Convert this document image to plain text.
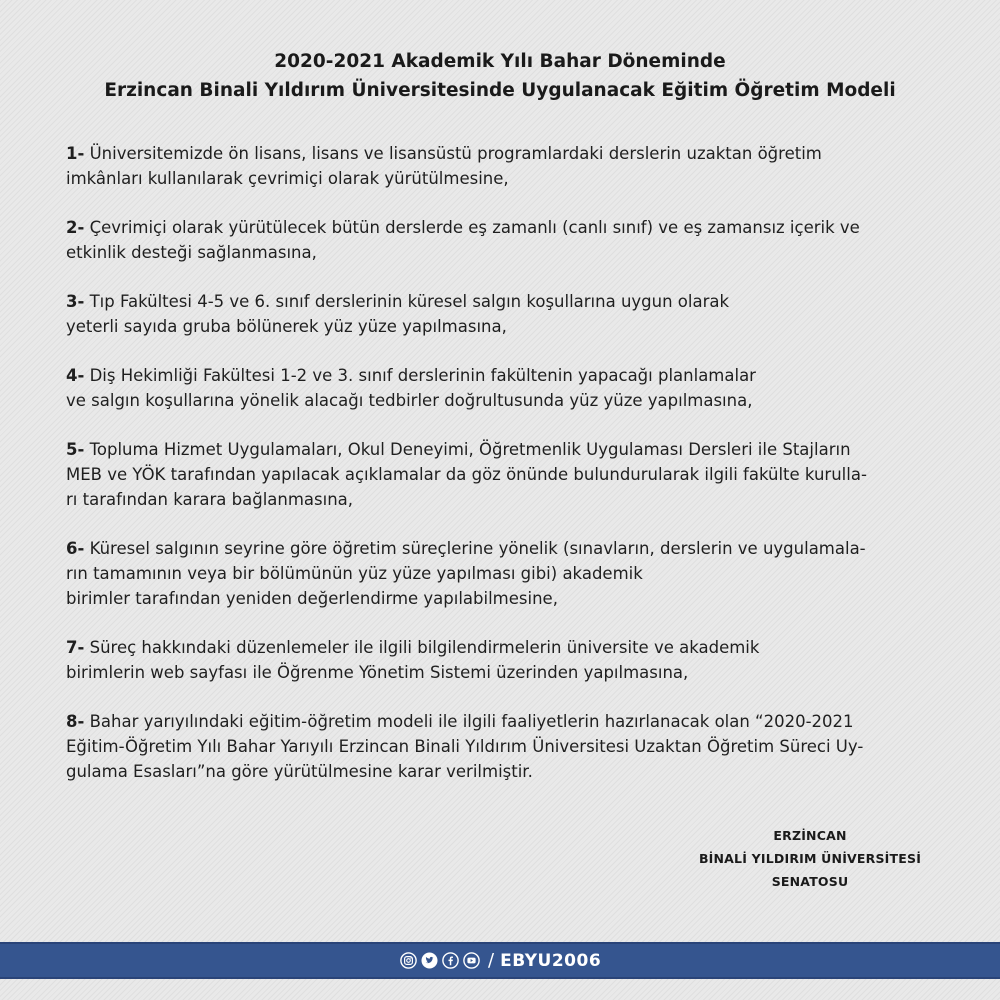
2020-2021 Akademik Yılı Bahar Döneminde
Erzincan Binali Yıldırım Üniversitesinde Uygulanacak Eğitim Öğretim Modeli
1- Üniversitemizde ön lisans, lisans ve lisansüstü programlardaki derslerin uzaktan öğretim
imkânları kullanılarak çevrimiçi olarak yürütülmesine,
2- Çevrimiçi olarak yürütülecek bütün derslerde eş zamanlı (canlı sınıf) ve eş zamansız içerik ve
etkinlik desteği sağlanmasına,
3- Tıp Fakültesi 4-5 ve 6. sınıf derslerinin küresel salgın koşullarına uygun olarak
yeterli sayıda gruba bölünerek yüz yüze yapılmasına,
4- Diş Hekimliği Fakültesi 1-2 ve 3. sınıf derslerinin fakültenin yapacağı planlamalar
ve salgın koşullarına yönelik alacağı tedbirler doğrultusunda yüz yüze yapılmasına,
5- Topluma Hizmet Uygulamaları, Okul Deneyimi, Öğretmenlik Uygulaması Dersleri ile Stajların
MEB ve YÖK tarafından yapılacak açıklamalar da göz önünde bulundurularak ilgili fakülte kurulla-
rı tarafından karara bağlanmasına,
6- Küresel salgının seyrine göre öğretim süreçlerine yönelik (sınavların, derslerin ve uygulamala-
rın tamamının veya bir bölümünün yüz yüze yapılması gibi) akademik
birimler tarafından yeniden değerlendirme yapılabilmesine,
7- Süreç hakkındaki düzenlemeler ile ilgili bilgilendirmelerin üniversite ve akademik
birimlerin web sayfası ile Öğrenme Yönetim Sistemi üzerinden yapılmasına,
8- Bahar yarıyılındaki eğitim-öğretim modeli ile ilgili faaliyetlerin hazırlanacak olan “2020-2021
Eğitim-Öğretim Yılı Bahar Yarıyılı Erzincan Binali Yıldırım Üniversitesi Uzaktan Öğretim Süreci Uy-
gulama Esasları”na göre yürütülmesine karar verilmiştir.
ERZİNCAN
BİNALİ YILDIRIM ÜNİVERSİTESİ
SENATOSU
/ EBYU2006
